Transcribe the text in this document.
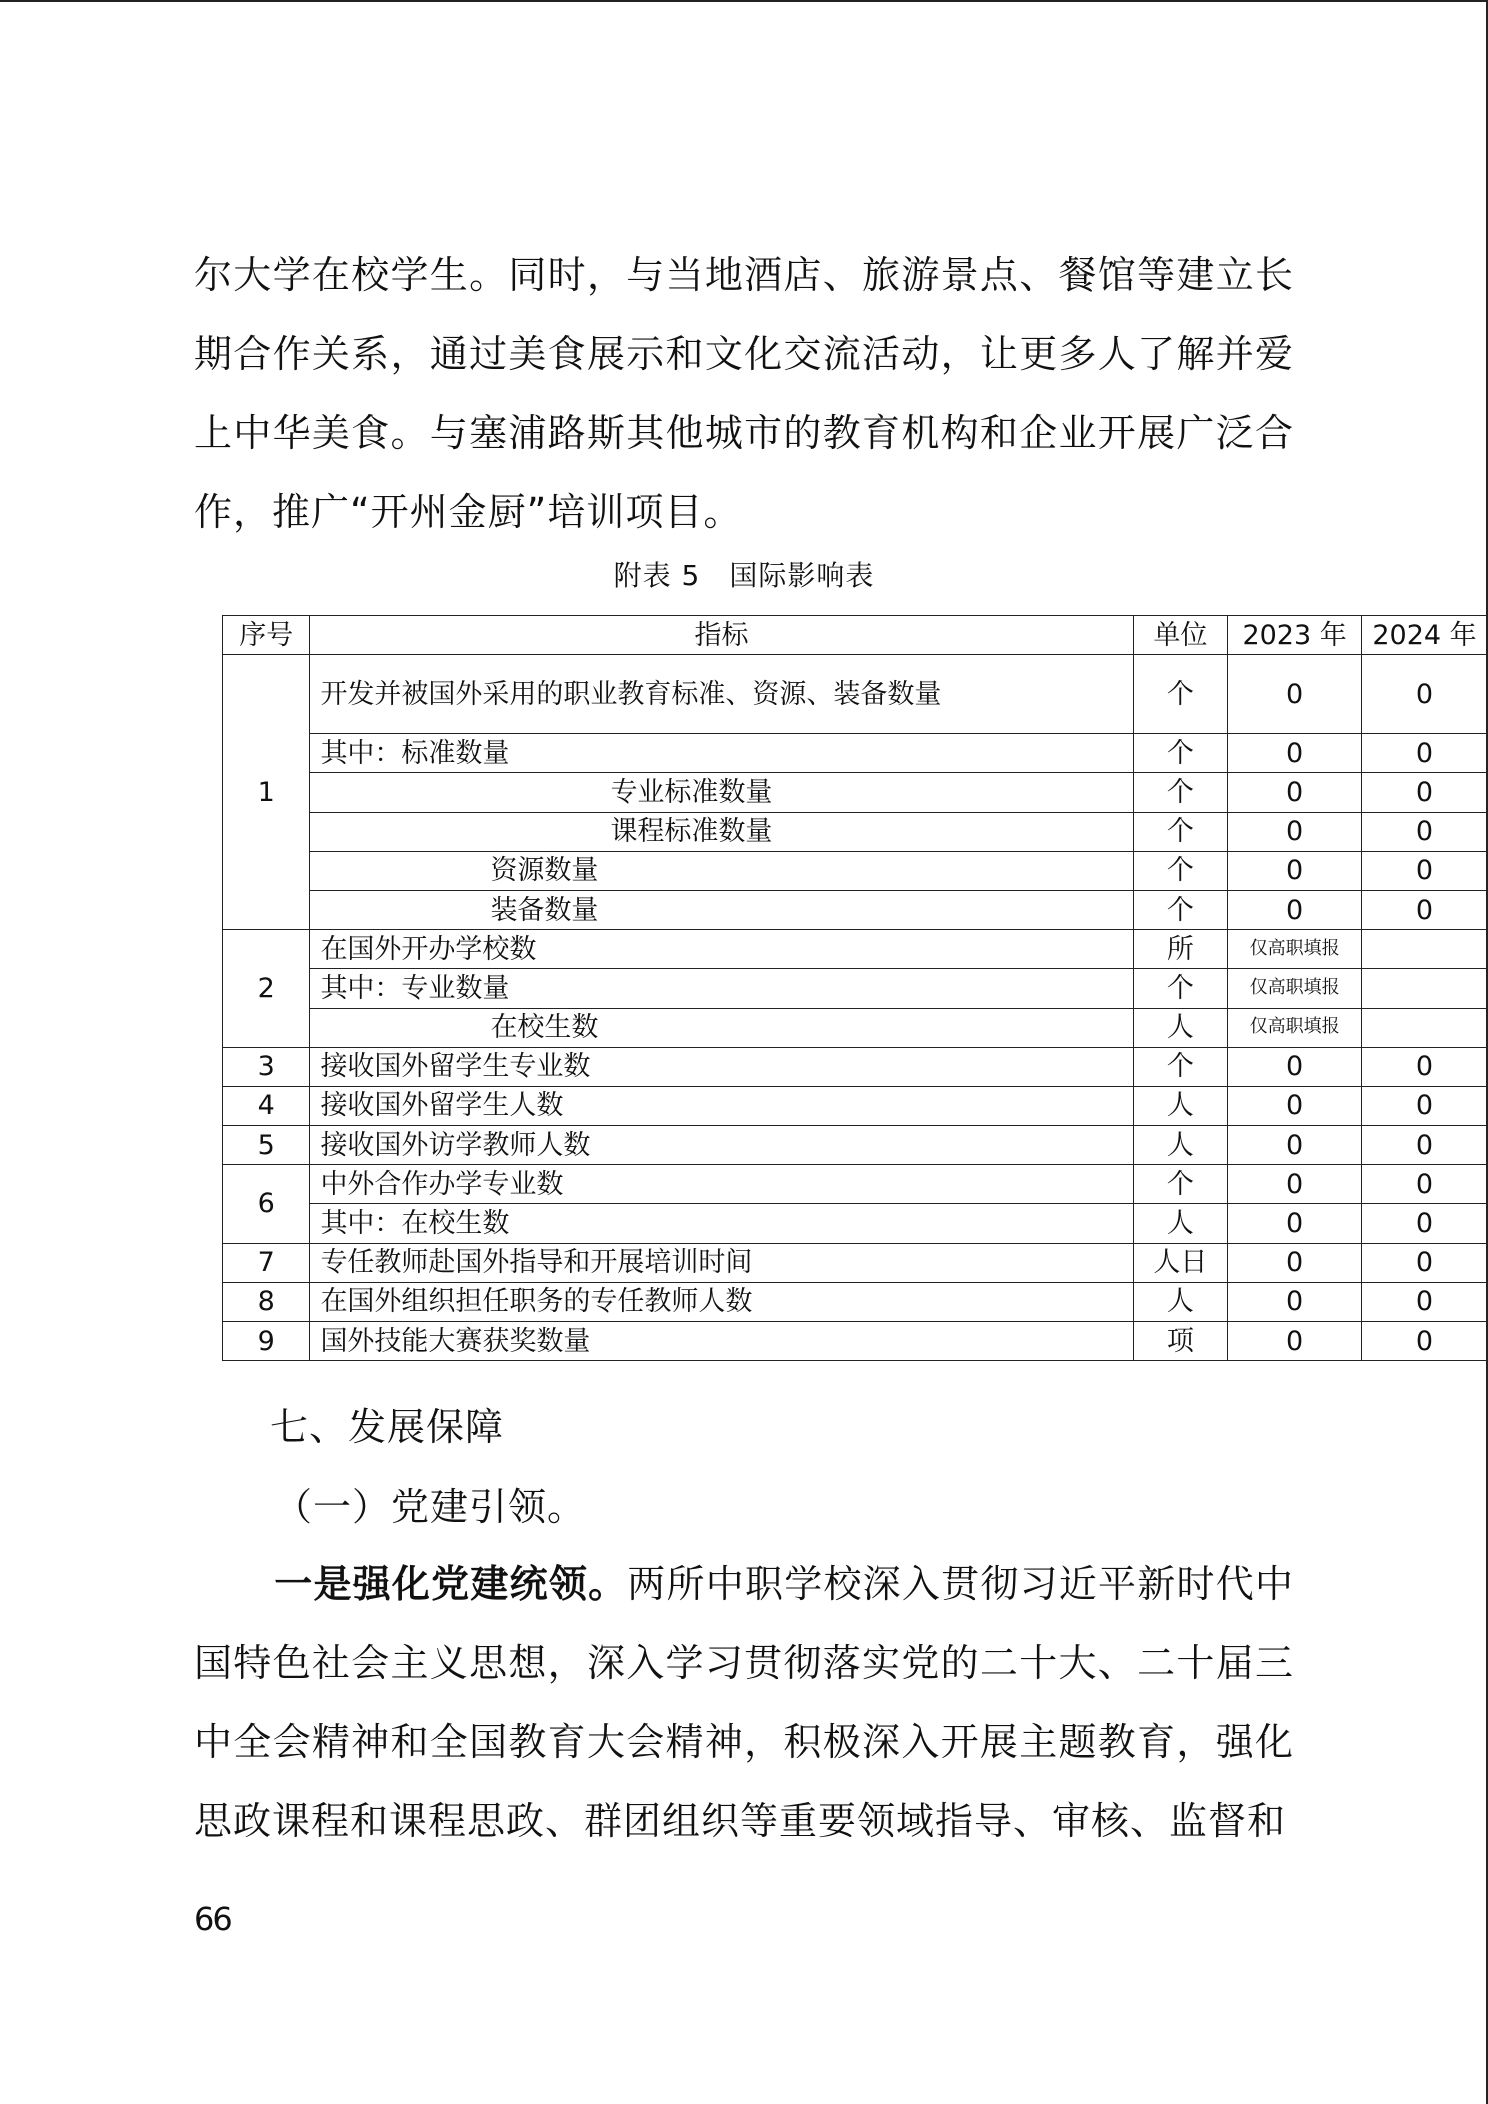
尔大学在校学生。同时，与当地酒店、旅游景点、餐馆等建立长期合作关系，通过美食展示和文化交流活动，让更多人了解并爱上中华美食。与塞浦路斯其他城市的教育机构和企业开展广泛合作，推广“开州金厨”培训项目。
附表 5　国际影响表
序号	指标	单位	2023 年	2024 年
1	开发并被国外采用的职业教育标准、资源、装备数量	个	0	0
	其中：标准数量	个	0	0
	专业标准数量	个	0	0
	课程标准数量	个	0	0
	资源数量	个	0	0
	装备数量	个	0	0
2	在国外开办学校数	所	仅高职填报	
	其中：专业数量	个	仅高职填报	
	在校生数	人	仅高职填报	
3	接收国外留学生专业数	个	0	0
4	接收国外留学生人数	人	0	0
5	接收国外访学教师人数	人	0	0
6	中外合作办学专业数	个	0	0
	其中：在校生数	人	0	0
7	专任教师赴国外指导和开展培训时间	人日	0	0
8	在国外组织担任职务的专任教师人数	人	0	0
9	国外技能大赛获奖数量	项	0	0
七、发展保障
（一）党建引领。
一是强化党建统领。两所中职学校深入贯彻习近平新时代中国特色社会主义思想，深入学习贯彻落实党的二十大、二十届三中全会精神和全国教育大会精神，积极深入开展主题教育，强化思政课程和课程思政、群团组织等重要领域指导、审核、监督和
66
